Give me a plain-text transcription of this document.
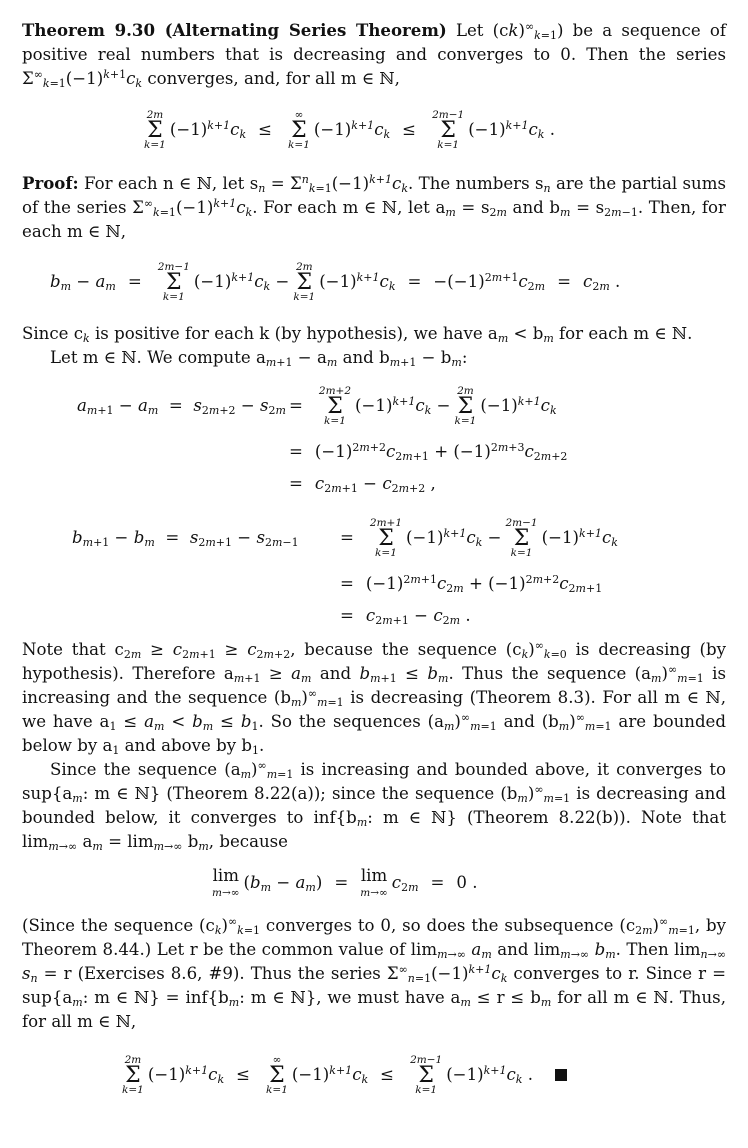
Theorem 9.30 (Alternating Series Theorem) Let $(ck)^\infty_{k=1}$) be a sequence of positive real numbers that is decreasing and converges to 0. Then the series $\Sigma^\infty_{k=1}(-1)^{k+1}c_k$ converges, and, for all m ∈ ℕ,

2m
Σ
k=1
$(-1)^{k+1}c_k$ ≤
∞
Σ
k=1
$(-1)^{k+1}c_k$ ≤
2m−1
Σ
k=1
$(-1)^{k+1}c_k$ .

Proof: For each n ∈ ℕ, let $s_n = \Sigma^n_{k=1}(-1)^{k+1}c_k$. The numbers $s_n$ are the partial sums of the series $\Sigma^\infty_{k=1}(-1)^{k+1}c_k$. For each m ∈ ℕ, let $a_m = s_{2m}$ and $b_m = s_{2m-1}$. Then, for each m ∈ ℕ,

$b_m - a_m$ =
2m−1
Σ
k=1
$(-1)^{k+1}c_k$ −
2m
Σ
k=1
$(-1)^{k+1}c_k = -(-1)^{2m+1}c_{2m} = c_{2m}$ .

Since $c_k$ is positive for each k (by hypothesis), we have $a_m < b_m$ for each m ∈ ℕ.

Let m ∈ ℕ. We compute $a_{m+1} - a_m$ and $b_{m+1} - b_m$:

$a_{m+1} - a_m = s_{2m+2} - s_{2m}$ =
2m+2
Σ
k=1
$(-1)^{k+1}c_k$ −
2m
Σ
k=1
$(-1)^{k+1}c_k$
= $(-1)^{2m+2}c_{2m+1} + (-1)^{2m+3}c_{2m+2}$
= $c_{2m+1} - c_{2m+2}$ ,
$b_{m+1} - b_m = s_{2m+1} - s_{2m-1}$	=
2m+1
Σ
k=1
$(-1)^{k+1}c_k$ −
2m−1
Σ
k=1
$(-1)^{k+1}c_k$
= $(-1)^{2m+1}c_{2m} + (-1)^{2m+2}c_{2m+1}$
= $c_{2m+1} - c_{2m}$ .

Note that $c_{2m} \ge c_{2m+1} \ge c_{2m+2}$, because the sequence $(c_k)^\infty_{k=0}$ is decreasing (by hypothesis). Therefore $a_{m+1} \ge a_m$ and $b_{m+1} \le b_m$. Thus the sequence $(a_m)^\infty_{m=1}$ is increasing and the sequence $(b_m)^\infty_{m=1}$ is decreasing (Theorem 8.3). For all m ∈ ℕ, we have $a_1 \le a_m < b_m \le b_1$. So the sequences $(a_m)^\infty_{m=1}$ and $(b_m)^\infty_{m=1}$ are bounded below by $a_1$ and above by $b_1$.

Since the sequence $(a_m)^\infty_{m=1}$ is increasing and bounded above, it converges to $sup\{a_m$: m ∈ ℕ} (Theorem 8.22(a)); since the sequence $(b_m)^\infty_{m=1}$ is decreasing and bounded below, it converges to $inf\{b_m$: m ∈ ℕ} (Theorem 8.22(b)). Note that $\lim_{m\to\infty} a_m = \lim_{m\to\infty} b_m$, because

lim
m→∞
$(b_m - a_m) = \lim$
m→∞
$c_{2m} = 0$ .

(Since the sequence $(c_k)^\infty_{k=1}$ converges to 0, so does the subsequence $(c_{2m})^\infty_{m=1}$, by Theorem 8.44.) Let r be the common value of $\lim_{m\to\infty} a_m$ and $\lim_{m\to\infty} b_m$. Then $\lim_{n\to\infty} s_n = r$ (Exercises 8.6, #9). Thus the series $\Sigma^\infty_{n=1}(-1)^{k+1}c_k$ converges to r. Since $r = sup\{a_m$: m ∈ ℕ} = $inf\{b_m$: m ∈ ℕ}, we must have $a_m \le r \le b_m$ for all m ∈ ℕ. Thus, for all m ∈ ℕ,

2m
Σ
k=1
$(-1)^{k+1}c_k$ ≤
∞
Σ
k=1
$(-1)^{k+1}c_k$ ≤
2m−1
Σ
k=1
$(-1)^{k+1}c_k$ .
